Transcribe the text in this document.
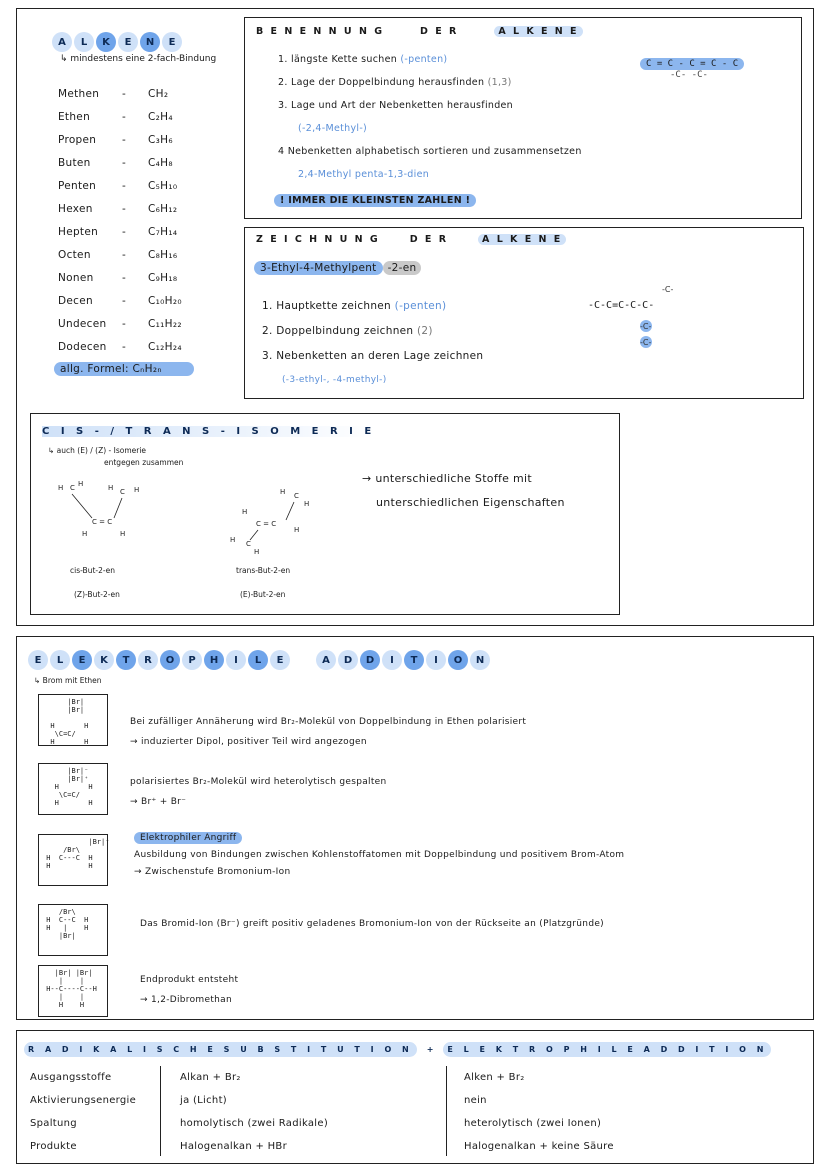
A	L	K	E	N	E
↳ mindestens eine 2-fach-Bindung
Methen	-	CH₂
Ethen	-	C₂H₄
Propen	-	C₃H₆
Buten	-	C₄H₈
Penten	-	C₅H₁₀
Hexen	-	C₆H₁₂
Hepten	-	C₇H₁₄
Octen	-	C₈H₁₆
Nonen	-	C₉H₁₈
Decen	-	C₁₀H₂₀
Undecen	-	C₁₁H₂₂
Dodecen	-	C₁₂H₂₄
allg. Formel: CₙH₂ₙ
B E N E N N U N G	D E R	A L K E N E
1. längste Kette suchen (-penten)
2. Lage der Doppelbindung herausfinden (1,3)
3. Lage und Art der Nebenketten herausfinden
(-2,4-Methyl-)
4 Nebenketten alphabetisch sortieren und zusammensetzen
2,4-Methyl penta-1,3-dien
! IMMER DIE KLEINSTEN ZAHLEN !
C = C - C = C - C
-C- -C-
Z E I C H N U N G	D E R	A L K E N E
3-Ethyl-4-Methylpent -2-en
1. Hauptkette zeichnen (-penten)
2. Doppelbindung zeichnen (2)
3. Nebenketten an deren Lage zeichnen
(-3-ethyl-, -4-methyl-)
-C-C=C-C-C-
-C-
-C-
-C-
C I S - / T R A N S - I S O M E R I E
↳ auch (E) / (Z) - Isomerie
entgegen zusammen
H C H	H C H
C = C
H	H
cis-But-2-en
(Z)-But-2-en
H C
H
H
C = C
H
H C
H
trans-But-2-en
(E)-But-2-en
→ unterschiedliche Stoffe mit
unterschiedlichen Eigenschaften
E	L	E	K	T	R	O	P	H	I	L	E	A	D	D	I	T	I	O	N
↳ Brom mit Ethen
|Br|
|Br|

H       H
\C=C/
H       H
|Br|⁻
|Br|⁺
H       H
\C=C/
H       H
|Br|⁻
/Br\
H  C---C  H
H         H
/Br\
H  C--C  H
H   |    H
|Br|
|Br| |Br|
|    |
H--C----C--H
|    |
H    H
Bei zufälliger Annäherung wird Br₂-Molekül von Doppelbindung in Ethen polarisiert
→ induzierter Dipol, positiver Teil wird angezogen
polarisiertes Br₂-Molekül wird heterolytisch gespalten
→ Br⁺ + Br⁻
Elektrophiler Angriff
Ausbildung von Bindungen zwischen Kohlenstoffatomen mit Doppelbindung und positivem Brom-Atom
→ Zwischenstufe Bromonium-Ion
Das Bromid-Ion (Br⁻) greift positiv geladenes Bromonium-Ion von der Rückseite an (Platzgründe)
Endprodukt entsteht
→ 1,2-Dibromethan
R A D I K A L I S C H E S U B S T I T U T I O N	+	E L E K T R O P H I L E A D D I T I O N
Ausgangsstoffe	Alkan + Br₂	Alken + Br₂
Aktivierungsenergie	ja (Licht)	nein
Spaltung	homolytisch (zwei Radikale)	heterolytisch (zwei Ionen)
Produkte	Halogenalkan + HBr	Halogenalkan + keine Säure
